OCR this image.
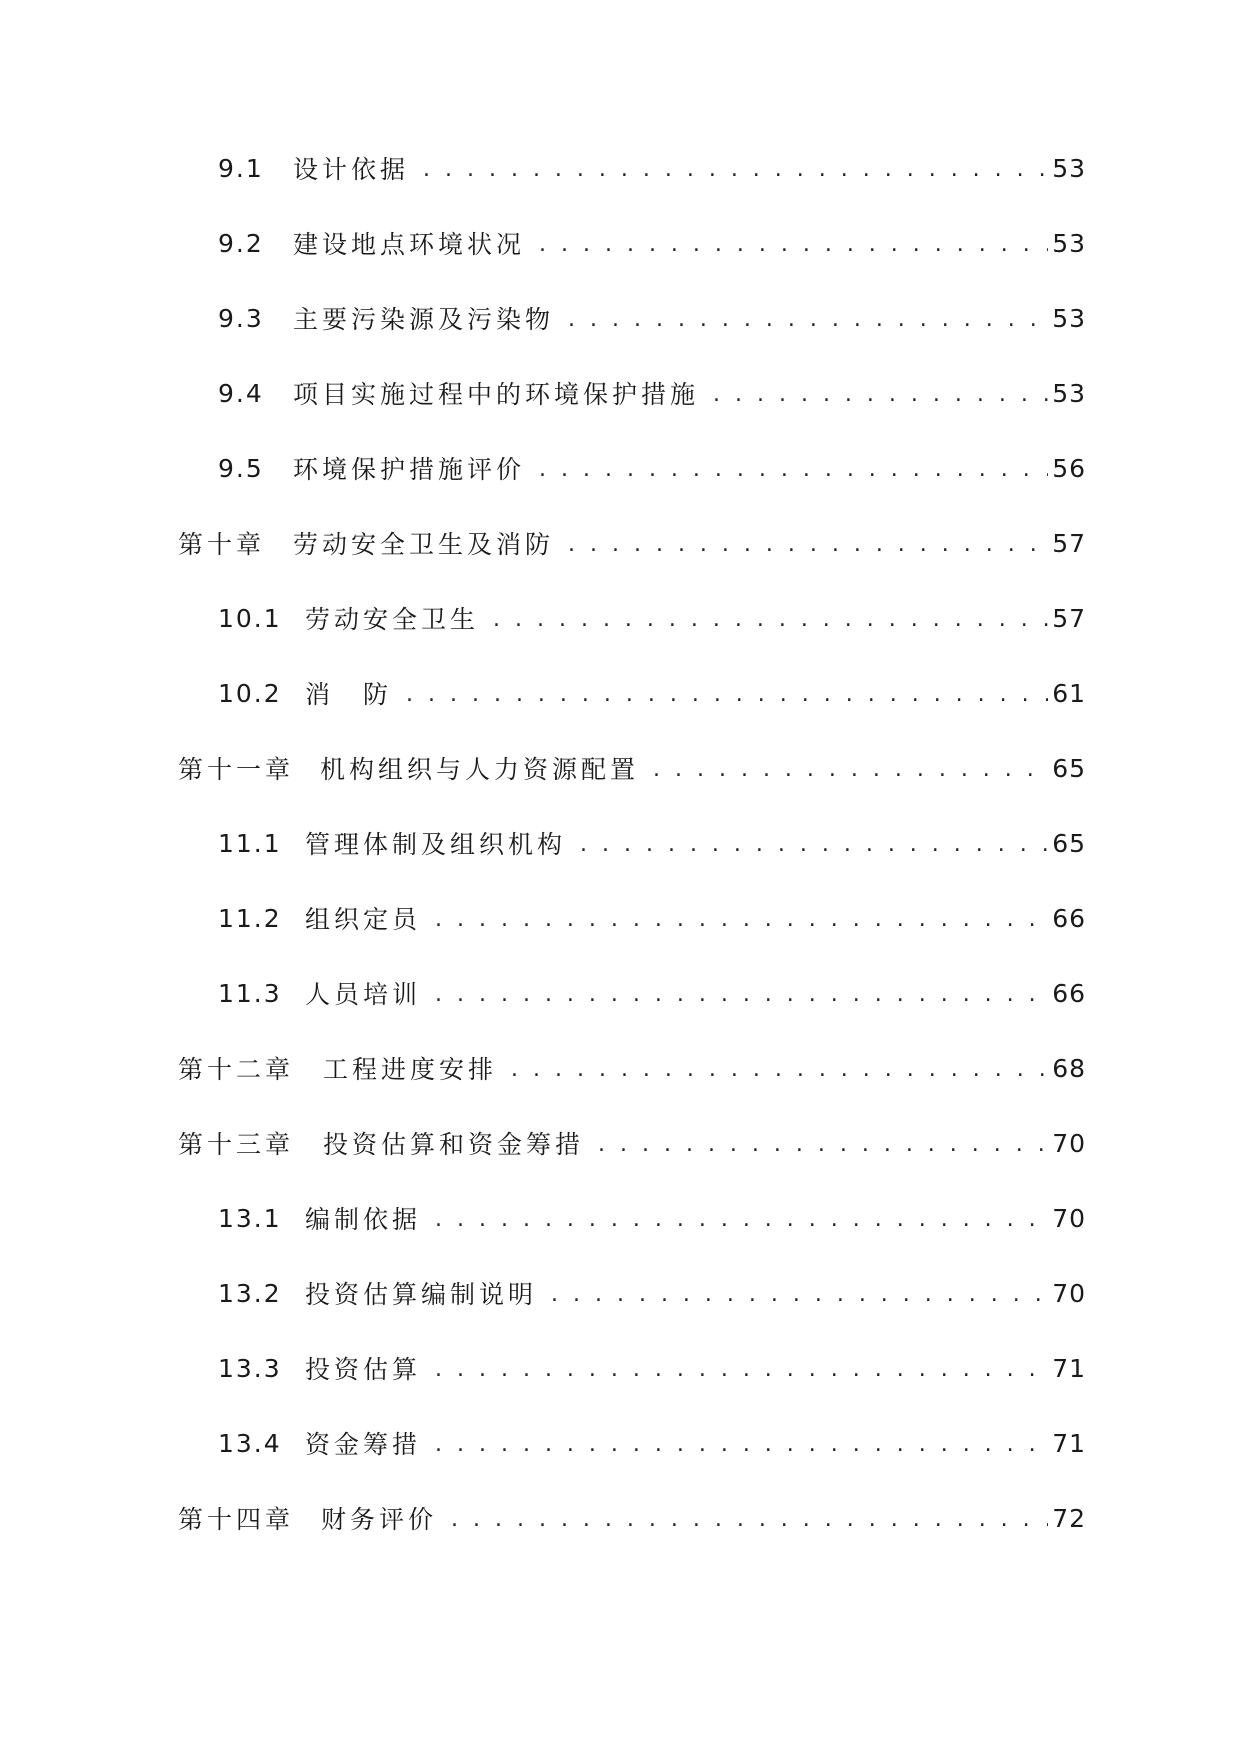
9.1	设计依据 . . .	53
9.2	建设地点环境状况 . . .	53
9.3	主要污染源及污染物 . . .	53
9.4	项目实施过程中的环境保护措施 . . .	53
9.5	环境保护措施评价 . . .	56
第十章	劳动安全卫生及消防 . . .	57
10.1 劳动安全卫生 . . .	57
10.2 消　防 . . .	61
第十一章	机构组织与人力资源配置 . . .	65
11.1 管理体制及组织机构 . . .	65
11.2 组织定员 . . .	66
11.3 人员培训 . . .	66
第十二章	工程进度安排 . . .	68
第十三章	投资估算和资金筹措 . . .	70
13.1 编制依据 . . .	70
13.2 投资估算编制说明 . . .	70
13.3 投资估算 . . .	71
13.4 资金筹措 . . .	71
第十四章	财务评价 . . .	72
